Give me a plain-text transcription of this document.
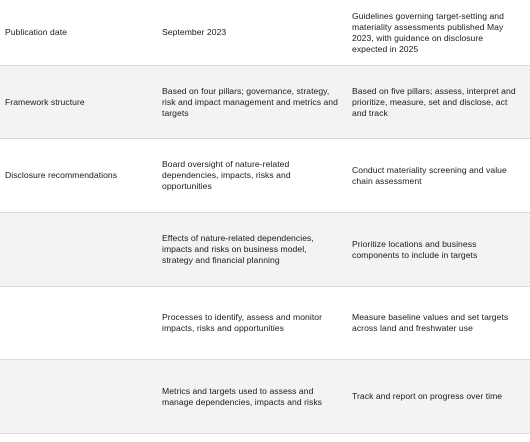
Publication date	September 2023
Guidelines governing target-setting and materiality assessments published May 2023, with guidance on disclosure expected in 2025
Framework structure
Based on four pillars; governance, strategy, risk and impact management and metrics and targets
Based on five pillars; assess, interpret and prioritize, measure, set and disclose, act and track
Disclosure recommendations
Board oversight of nature-related dependencies, impacts, risks and opportunities
Conduct materiality screening and value chain assessment
Effects of nature-related dependencies, impacts and risks on business model, strategy and financial planning
Prioritize locations and business components to include in targets
Processes to identify, assess and monitor impacts, risks and opportunities
Measure baseline values and set targets across land and freshwater use
Metrics and targets used to assess and manage dependencies, impacts and risks
Track and report on progress over time
